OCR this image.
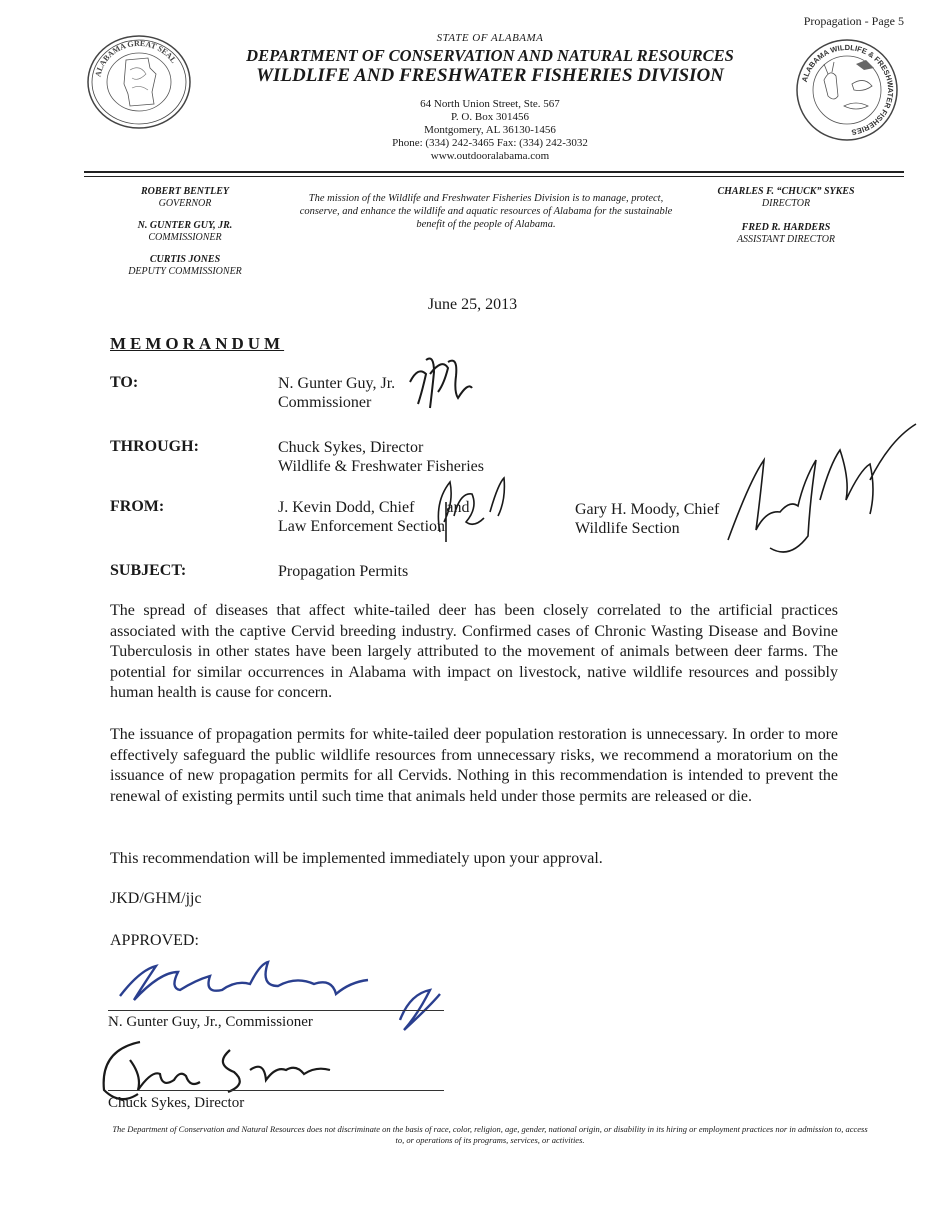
Propagation - Page 5
ALABAMA GREAT SEAL
ALABAMA WILDLIFE & FRESHWATER FISHERIES
STATE OF ALABAMA
DEPARTMENT OF CONSERVATION AND NATURAL RESOURCES
WILDLIFE AND FRESHWATER FISHERIES DIVISION
64 North Union Street, Ste. 567
P. O. Box 301456
Montgomery, AL 36130-1456
Phone: (334) 242-3465 Fax: (334) 242-3032
www.outdooralabama.com
ROBERT BENTLEY
GOVERNOR
N. GUNTER GUY, JR.
COMMISSIONER
CURTIS JONES
DEPUTY COMMISSIONER
The mission of the Wildlife and Freshwater Fisheries Division is to manage, protect, conserve, and enhance the wildlife and aquatic resources of Alabama for the sustainable benefit of the people of Alabama.
CHARLES F. “CHUCK” SYKES
DIRECTOR
FRED R. HARDERS
ASSISTANT DIRECTOR
June 25, 2013
MEMORANDUM
TO:	N. Gunter Guy, Jr.
Commissioner
THROUGH:	Chuck Sykes, Director
Wildlife & Freshwater Fisheries
FROM:	J. Kevin Dodd, Chief        and
Law Enforcement Section
Gary H. Moody, Chief
Wildlife Section
SUBJECT:	Propagation Permits
The spread of diseases that affect white-tailed deer has been closely correlated to the artificial practices associated with the captive Cervid breeding industry. Confirmed cases of Chronic Wasting Disease and Bovine Tuberculosis in other states have been largely attributed to the movement of animals between deer farms. The potential for similar occurrences in Alabama with impact on livestock, native wildlife resources and possibly human health is cause for concern.
The issuance of propagation permits for white-tailed deer population restoration is unnecessary. In order to more effectively safeguard the public wildlife resources from unnecessary risks, we recommend a moratorium on the issuance of new propagation permits for all Cervids. Nothing in this recommendation is intended to prevent the renewal of existing permits until such time that animals held under those permits are released or die.
This recommendation will be implemented immediately upon your approval.
JKD/GHM/jjc
APPROVED:
N. Gunter Guy, Jr., Commissioner
Chuck Sykes, Director
The Department of Conservation and Natural Resources does not discriminate on the basis of race, color, religion, age, gender, national origin, or disability in its hiring or employment practices nor in admission to, access to, or operations of its programs, services, or activities.
